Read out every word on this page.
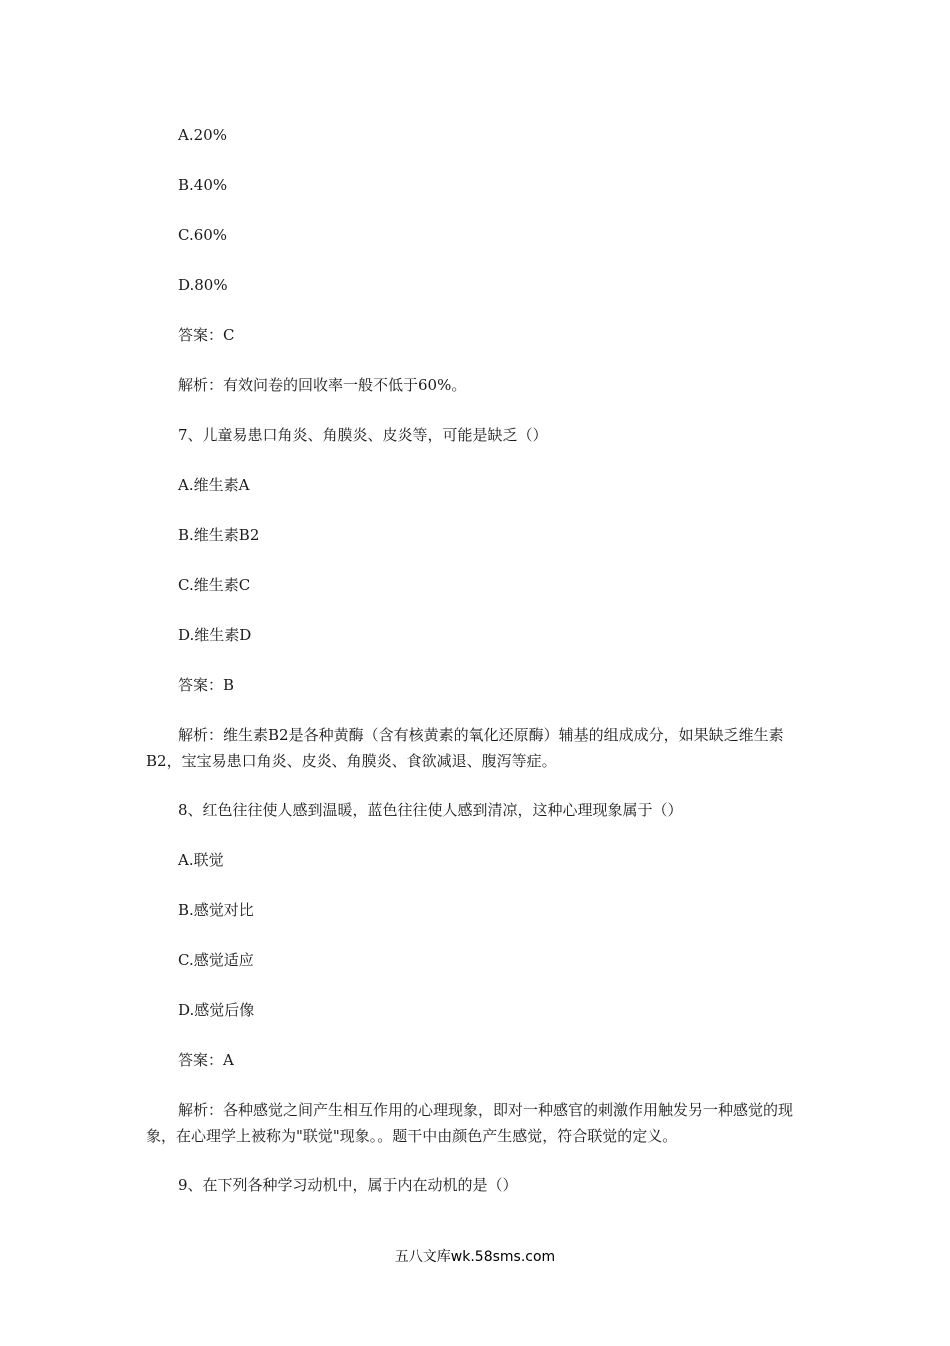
A.20%
B.40%
C.60%
D.80%
答案：C
解析：有效问卷的回收率一般不低于60%。
7、儿童易患口角炎、角膜炎、皮炎等，可能是缺乏（）
A.维生素A
B.维生素B2
C.维生素C
D.维生素D
答案：B
解析：维生素B2是各种黄酶（含有核黄素的氧化还原酶）辅基的组成成分，如果缺乏维生素B2，宝宝易患口角炎、皮炎、角膜炎、食欲减退、腹泻等症。
8、红色往往使人感到温暖，蓝色往往使人感到清凉，这种心理现象属于（）
A.联觉
B.感觉对比
C.感觉适应
D.感觉后像
答案：A
解析：各种感觉之间产生相互作用的心理现象，即对一种感官的刺激作用触发另一种感觉的现象，在心理学上被称为"联觉"现象。。题干中由颜色产生感觉，符合联觉的定义。
9、在下列各种学习动机中，属于内在动机的是（）
五八文库wk.58sms.com
